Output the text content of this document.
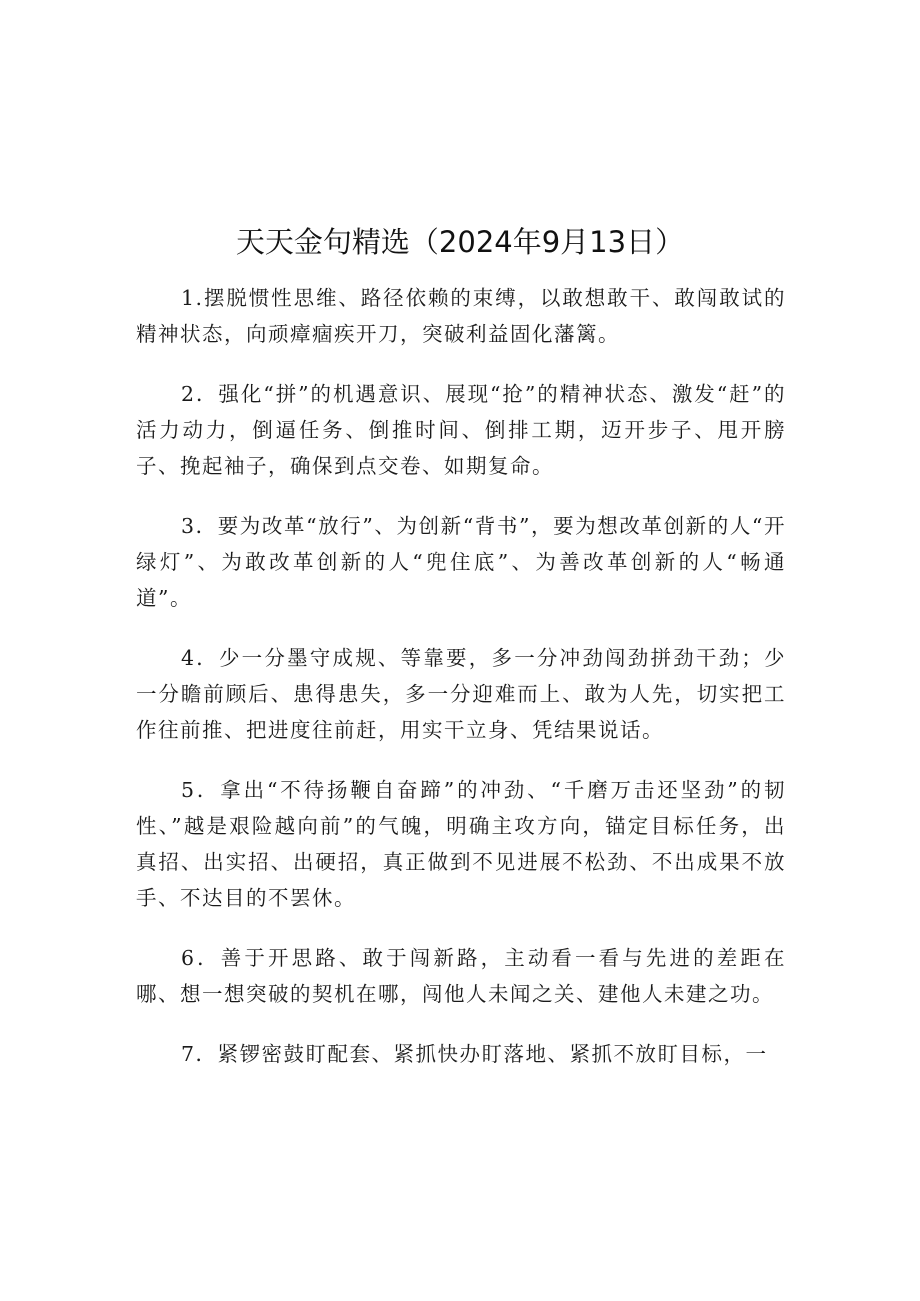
天天金句精选（2024年9月13日）

1.摆脱惯性思维、路径依赖的束缚，以敢想敢干、敢闯敢试的精神状态，向顽瘴痼疾开刀，突破利益固化藩篱。

2．强化“拼”的机遇意识、展现“抢”的精神状态、激发“赶”的活力动力，倒逼任务、倒推时间、倒排工期，迈开步子、甩开膀子、挽起袖子，确保到点交卷、如期复命。

3．要为改革“放行”、为创新“背书”，要为想改革创新的人“开绿灯”、为敢改革创新的人“兜住底”、为善改革创新的人“畅通道”。

4．少一分墨守成规、等靠要，多一分冲劲闯劲拼劲干劲；少一分瞻前顾后、患得患失，多一分迎难而上、敢为人先，切实把工作往前推、把进度往前赶，用实干立身、凭结果说话。

5．拿出“不待扬鞭自奋蹄”的冲劲、“千磨万击还坚劲”的韧性、”越是艰险越向前”的气魄，明确主攻方向，锚定目标任务，出真招、出实招、出硬招，真正做到不见进展不松劲、不出成果不放手、不达目的不罢休。

6．善于开思路、敢于闯新路，主动看一看与先进的差距在哪、想一想突破的契机在哪，闯他人未闻之关、建他人未建之功。

7．紧锣密鼓盯配套、紧抓快办盯落地、紧抓不放盯目标，一
